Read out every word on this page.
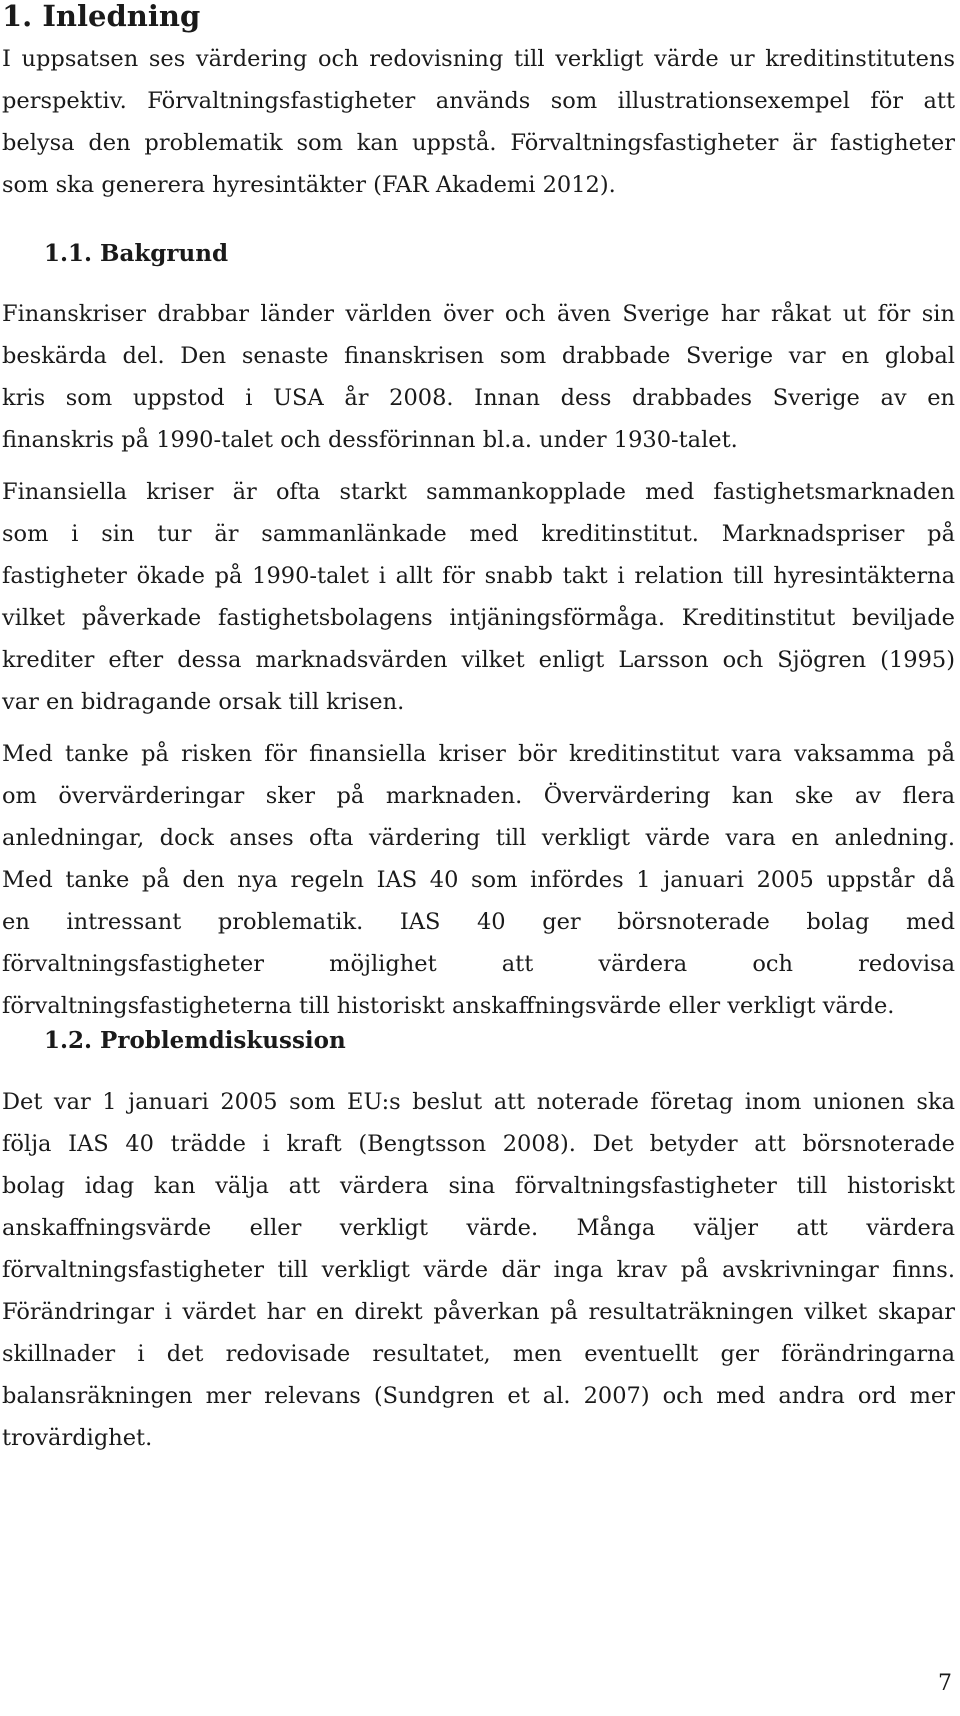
1. Inledning
I uppsatsen ses värdering och redovisning till verkligt värde ur kreditinstitutens
perspektiv. Förvaltningsfastigheter används som illustrationsexempel för att
belysa den problematik som kan uppstå. Förvaltningsfastigheter är fastigheter
som ska generera hyresintäkter (FAR Akademi 2012).
1.1. Bakgrund
Finanskriser drabbar länder världen över och även Sverige har råkat ut för sin
beskärda del. Den senaste finanskrisen som drabbade Sverige var en global
kris som uppstod i USA år 2008. Innan dess drabbades Sverige av en
finanskris på 1990-talet och dessförinnan bl.a. under 1930-talet.
Finansiella kriser är ofta starkt sammankopplade med fastighetsmarknaden
som i sin tur är sammanlänkade med kreditinstitut. Marknadspriser på
fastigheter ökade på 1990-talet i allt för snabb takt i relation till hyresintäkterna
vilket påverkade fastighetsbolagens intjäningsförmåga. Kreditinstitut beviljade
krediter efter dessa marknadsvärden vilket enligt Larsson och Sjögren (1995)
var en bidragande orsak till krisen.
Med tanke på risken för finansiella kriser bör kreditinstitut vara vaksamma på
om övervärderingar sker på marknaden. Övervärdering kan ske av flera
anledningar, dock anses ofta värdering till verkligt värde vara en anledning.
Med tanke på den nya regeln IAS 40 som infördes 1 januari 2005 uppstår då
en intressant problematik. IAS 40 ger börsnoterade bolag med
förvaltningsfastigheter möjlighet att värdera och redovisa
förvaltningsfastigheterna till historiskt anskaffningsvärde eller verkligt värde.
1.2. Problemdiskussion
Det var 1 januari 2005 som EU:s beslut att noterade företag inom unionen ska
följa IAS 40 trädde i kraft (Bengtsson 2008). Det betyder att börsnoterade
bolag idag kan välja att värdera sina förvaltningsfastigheter till historiskt
anskaffningsvärde eller verkligt värde. Många väljer att värdera
förvaltningsfastigheter till verkligt värde där inga krav på avskrivningar finns.
Förändringar i värdet har en direkt påverkan på resultaträkningen vilket skapar
skillnader i det redovisade resultatet, men eventuellt ger förändringarna
balansräkningen mer relevans (Sundgren et al. 2007) och med andra ord mer
trovärdighet.
7
